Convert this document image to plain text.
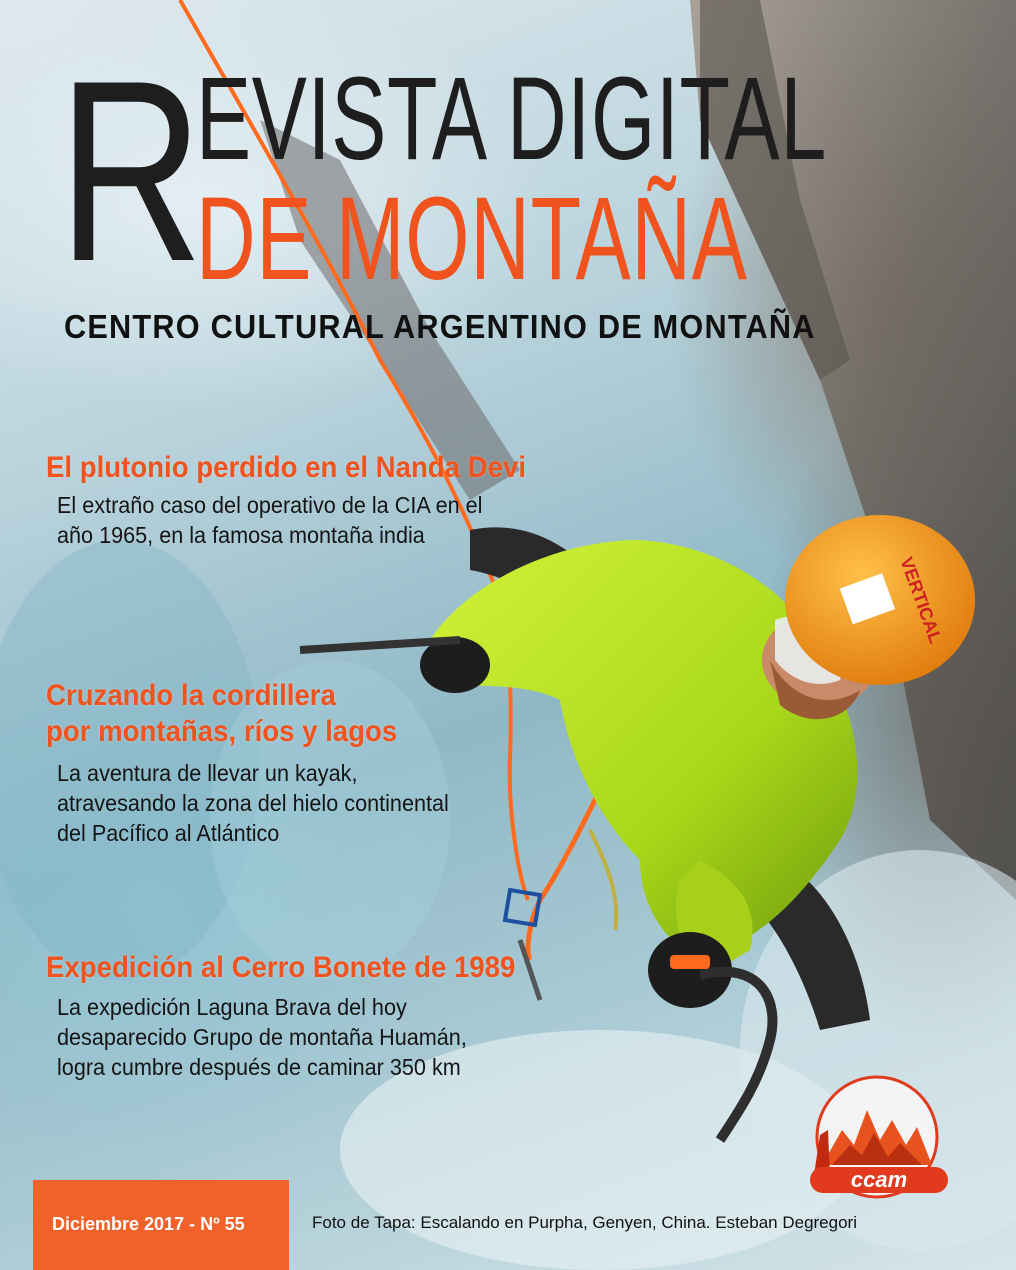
VERTICAL
R
EVISTA DIGITAL
DE MONTAÑA
CENTRO CULTURAL ARGENTINO DE MONTAÑA
El plutonio perdido en el Nanda Devi
El extraño caso del operativo de la CIA en el
año 1965, en la famosa montaña india
Cruzando la cordillera
por montañas, ríos y lagos
La aventura de llevar un kayak,
atravesando la zona del hielo continental
del Pacífico al Atlántico
Expedición al Cerro Bonete de 1989
La expedición Laguna Brava del hoy
desaparecido Grupo de montaña Huamán,
logra cumbre después de caminar 350 km
ccam
Diciembre 2017 - Nº 55	Foto de Tapa: Escalando en Purpha, Genyen, China. Esteban Degregori
